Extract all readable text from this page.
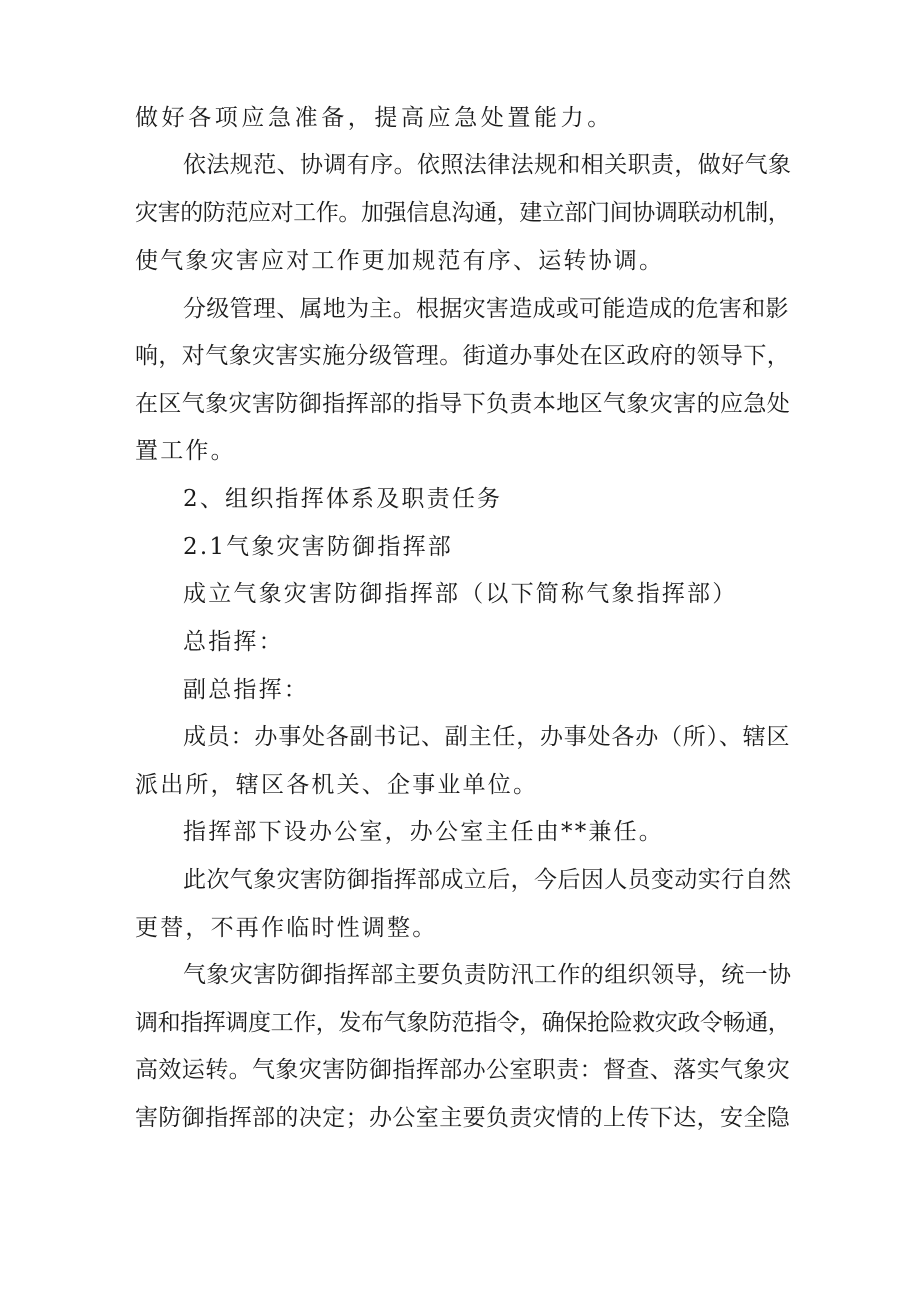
做好各项应急准备，提高应急处置能力。
依法规范、协调有序。依照法律法规和相关职责，做好气象
灾害的防范应对工作。加强信息沟通，建立部门间协调联动机制，
使气象灾害应对工作更加规范有序、运转协调。
分级管理、属地为主。根据灾害造成或可能造成的危害和影
响，对气象灾害实施分级管理。街道办事处在区政府的领导下，
在区气象灾害防御指挥部的指导下负责本地区气象灾害的应急处
置工作。
2、组织指挥体系及职责任务
2.1气象灾害防御指挥部
成立气象灾害防御指挥部（以下简称气象指挥部）
总指挥：
副总指挥：
成员：办事处各副书记、副主任，办事处各办（所）、辖区
派出所，辖区各机关、企事业单位。
指挥部下设办公室，办公室主任由**兼任。
此次气象灾害防御指挥部成立后，今后因人员变动实行自然
更替，不再作临时性调整。
气象灾害防御指挥部主要负责防汛工作的组织领导，统一协
调和指挥调度工作，发布气象防范指令，确保抢险救灾政令畅通，
高效运转。气象灾害防御指挥部办公室职责：督查、落实气象灾
害防御指挥部的决定；办公室主要负责灾情的上传下达，安全隐
